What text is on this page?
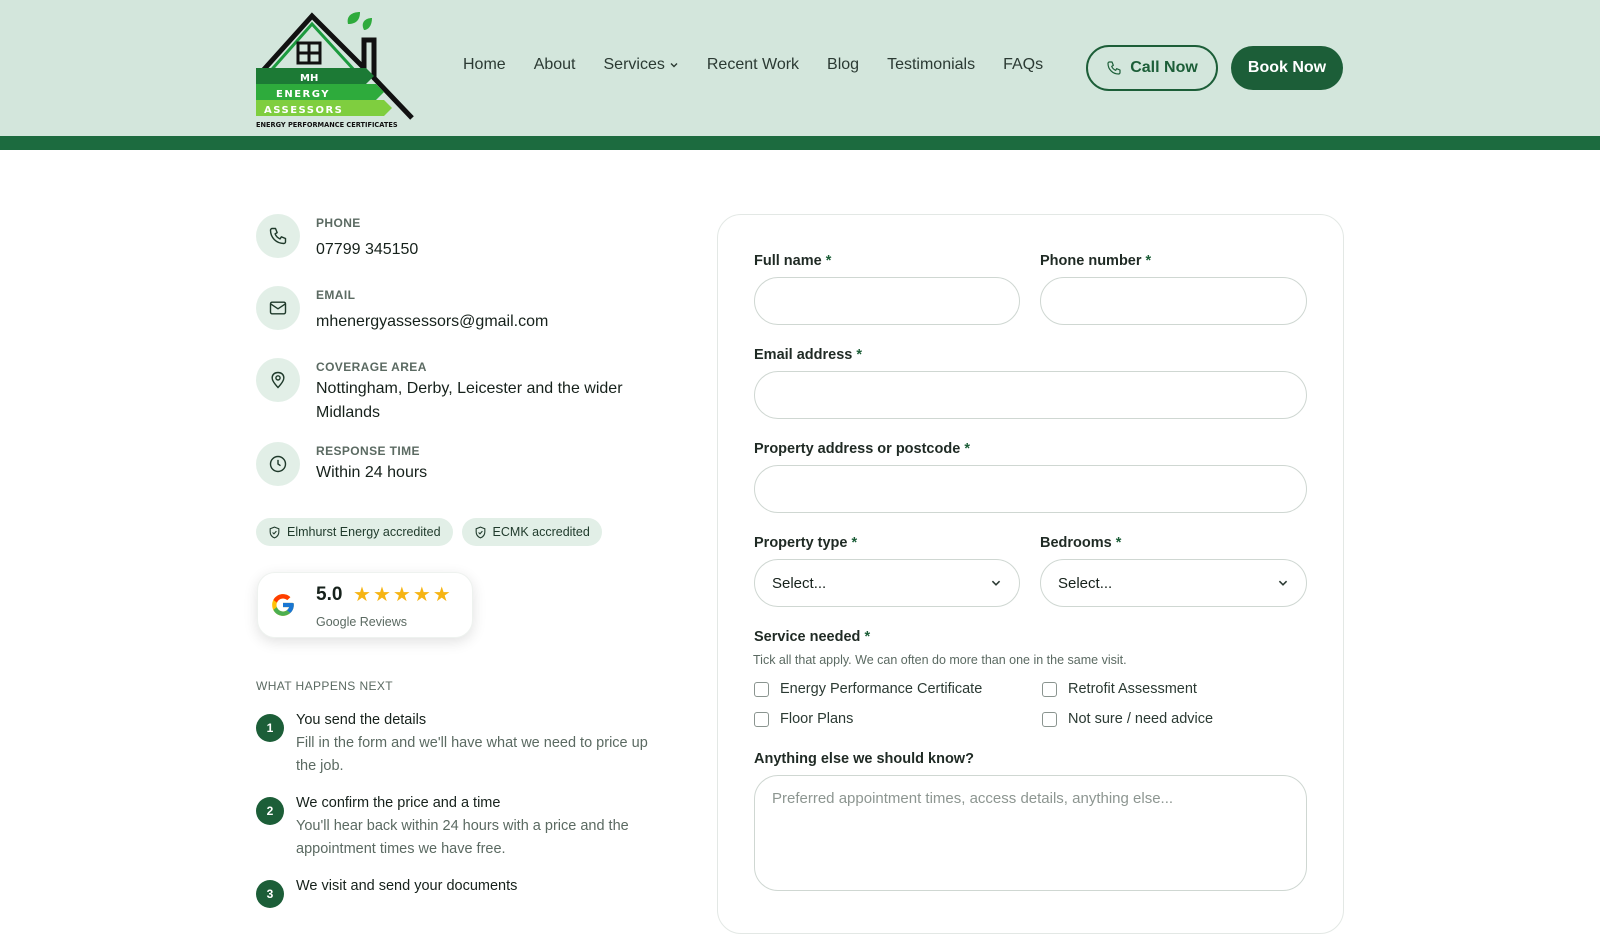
MH
ENERGY
ASSESSORS
ENERGY PERFORMANCE CERTIFICATES
Home About Services	Recent Work Blog Testimonials FAQs	Call Now	Book Now
PHONE
07799 345150
EMAIL
mhenergyassessors@gmail.com
COVERAGE AREA
Nottingham, Derby, Leicester and the wider Midlands
RESPONSE TIME
Within 24 hours
Elmhurst Energy accredited	ECMK accredited
5.0 ★ ★ ★ ★ ★
Google Reviews
WHAT HAPPENS NEXT
1	You send the details
Fill in the form and we'll have what we need to price up the job.
2	We confirm the price and a time
You'll hear back within 24 hours with a price and the appointment times we have free.
3	We visit and send your documents
Full name *	Phone number *
Email address *
Property address or postcode *
Property type *
Select...
Bedrooms *
Select...
Service needed *
Tick all that apply. We can often do more than one in the same visit.
Energy Performance Certificate	Retrofit Assessment
Floor Plans	Not sure / need advice
Anything else we should know?
Preferred appointment times, access details, anything else...
